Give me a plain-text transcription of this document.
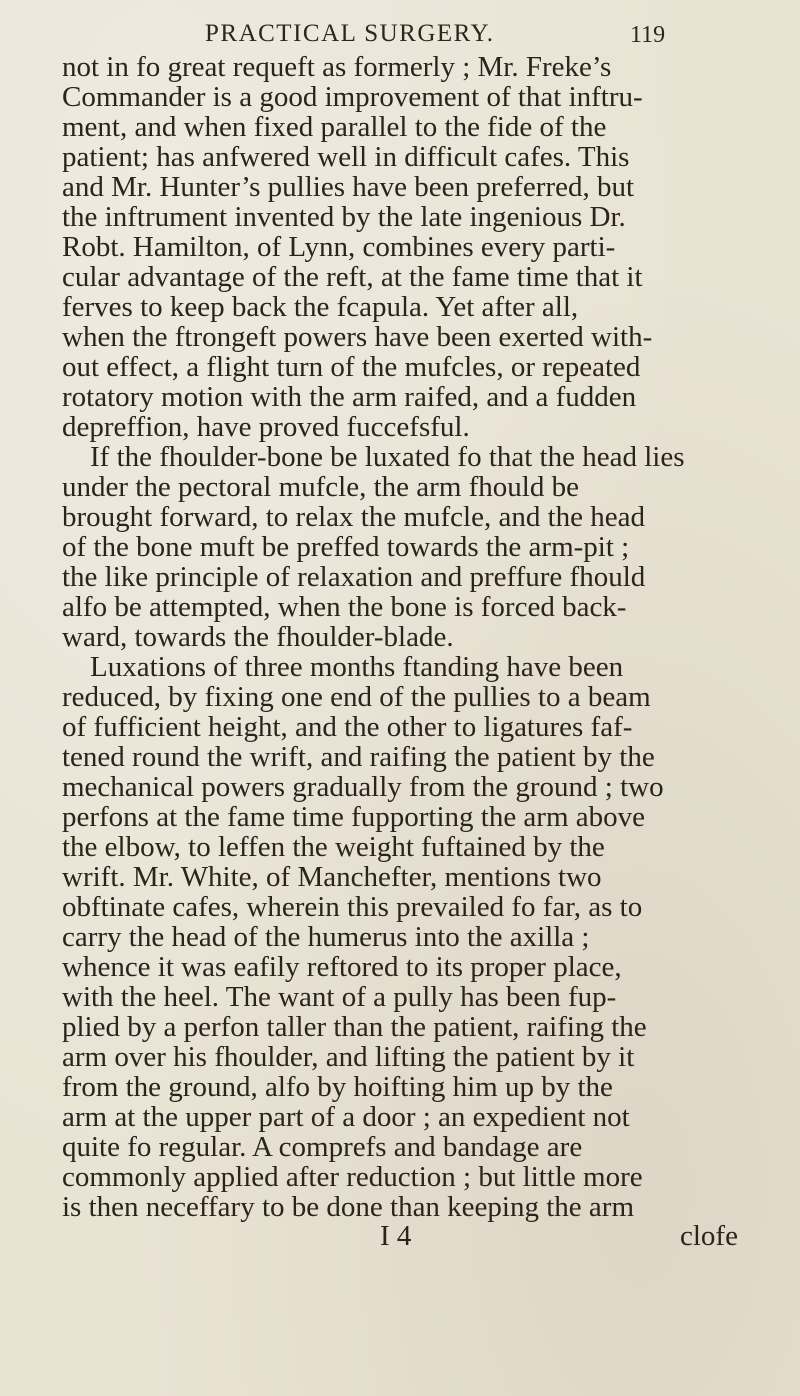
PRACTICAL SURGERY.	119
not in fo great requeft as formerly ; Mr. Freke’s
Commander is a good improvement of that inftru-
ment, and when fixed parallel to the fide of the
patient; has anfwered well in difficult cafes. This
and Mr. Hunter’s pullies have been preferred, but
the inftrument invented by the late ingenious Dr.
Robt. Hamilton, of Lynn, combines every parti-
cular advantage of the reft, at the fame time that it
ferves to keep back the fcapula. Yet after all,
when the ftrongeft powers have been exerted with-
out effect, a flight turn of the mufcles, or repeated
rotatory motion with the arm raifed, and a fudden
depreffion, have proved fuccefsful.
If the fhoulder-bone be luxated fo that the head lies
under the pectoral mufcle, the arm fhould be
brought forward, to relax the mufcle, and the head
of the bone muft be preffed towards the arm-pit ;
the like principle of relaxation and preffure fhould
alfo be attempted, when the bone is forced back-
ward, towards the fhoulder-blade.
Luxations of three months ftanding have been
reduced, by fixing one end of the pullies to a beam
of fufficient height, and the other to ligatures faf-
tened round the wrift, and raifing the patient by the
mechanical powers gradually from the ground ; two
perfons at the fame time fupporting the arm above
the elbow, to leffen the weight fuftained by the
wrift. Mr. White, of Manchefter, mentions two
obftinate cafes, wherein this prevailed fo far, as to
carry the head of the humerus into the axilla ;
whence it was eafily reftored to its proper place,
with the heel. The want of a pully has been fup-
plied by a perfon taller than the patient, raifing the
arm over his fhoulder, and lifting the patient by it
from the ground, alfo by hoifting him up by the
arm at the upper part of a door ; an expedient not
quite fo regular. A comprefs and bandage are
commonly applied after reduction ; but little more
is then neceffary to be done than keeping the arm
I 4	clofe
